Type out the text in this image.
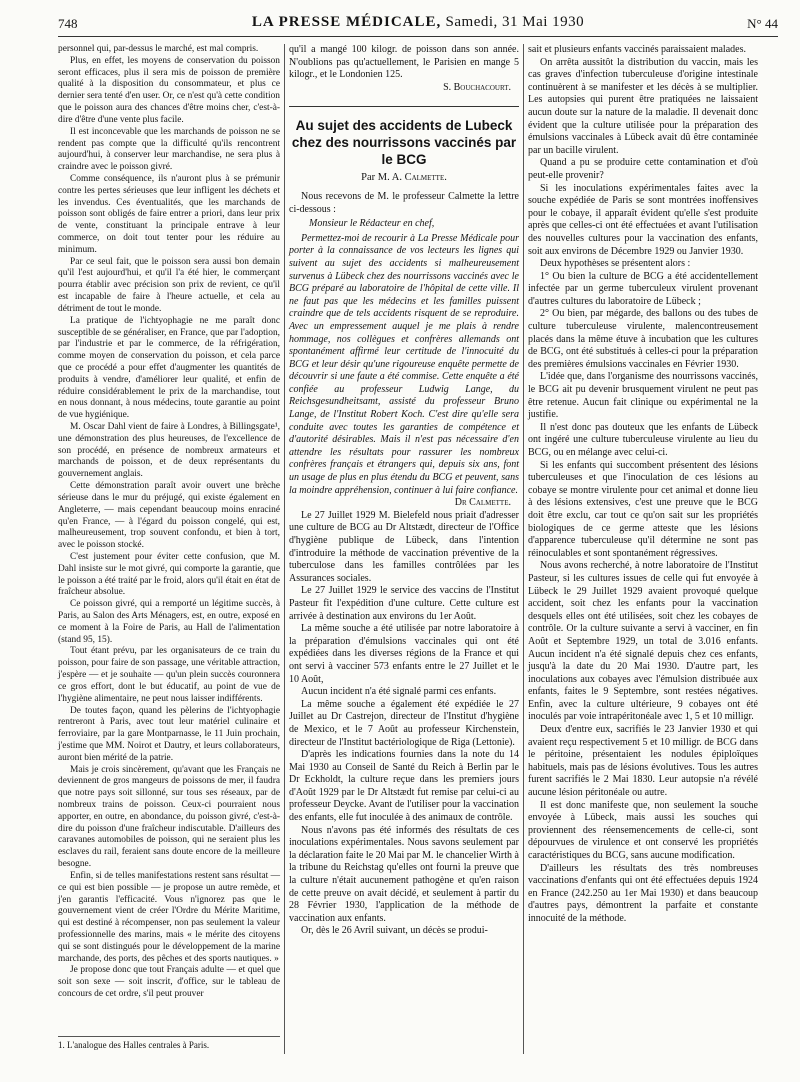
748	LA PRESSE MÉDICALE, Samedi, 31 Mai 1930	N° 44

personnel qui, par-dessus le marché, est mal compris.

Plus, en effet, les moyens de conservation du poisson seront efficaces, plus il sera mis de poisson de première qualité à la disposition du consommateur, et plus ce dernier sera tenté d'en user. Or, ce n'est qu'à cette condition que le poisson aura des chances d'être moins cher, c'est-à-dire d'être d'une vente plus facile.

Il est inconcevable que les marchands de poisson ne se rendent pas compte que la difficulté qu'ils rencontrent aujourd'hui, à conserver leur marchandise, ne sera plus à craindre avec le poisson givré.

Comme conséquence, ils n'auront plus à se prémunir contre les pertes sérieuses que leur infligent les déchets et les invendus. Ces éventualités, que les marchands de poisson sont obligés de faire entrer a priori, dans leur prix de vente, constituant la principale entrave à leur commerce, on doit tout tenter pour les réduire au minimum.

Par ce seul fait, que le poisson sera aussi bon demain qu'il l'est aujourd'hui, et qu'il l'a été hier, le commerçant pourra établir avec précision son prix de revient, ce qu'il est incapable de faire à l'heure actuelle, et cela au détriment de tout le monde.

La pratique de l'ichtyophagie ne me paraît donc susceptible de se généraliser, en France, que par l'adoption, par l'industrie et par le commerce, de la réfrigération, comme moyen de conservation du poisson, et cela parce que ce procédé a pour effet d'augmenter les quantités de produits à vendre, d'améliorer leur qualité, et enfin de réduire considérablement le prix de la marchandise, tout en nous donnant, à nous médecins, toute garantie au point de vue hygiénique.

M. Oscar Dahl vient de faire à Londres, à Billingsgate¹, une démonstration des plus heureuses, de l'excellence de son procédé, en présence de nombreux armateurs et marchands de poisson, et de deux représentants du gouvernement anglais.

Cette démonstration paraît avoir ouvert une brèche sérieuse dans le mur du préjugé, qui existe également en Angleterre, — mais cependant beaucoup moins enraciné qu'en France, — à l'égard du poisson congelé, qui est, malheureusement, trop souvent confondu, et bien à tort, avec le poisson stocké.

C'est justement pour éviter cette confusion, que M. Dahl insiste sur le mot givré, qui comporte la garantie, que le poisson a été traité par le froid, alors qu'il était en état de fraîcheur absolue.

Ce poisson givré, qui a remporté un légitime succès, à Paris, au Salon des Arts Ménagers, est, en outre, exposé en ce moment à la Foire de Paris, au Hall de l'alimentation (stand 95, 15).

Tout étant prévu, par les organisateurs de ce train du poisson, pour faire de son passage, une véritable attraction, j'espère — et je souhaite — qu'un plein succès couronnera ce gros effort, dont le but éducatif, au point de vue de l'hygiène alimentaire, ne peut nous laisser indifférents.

De toutes façon, quand les pèlerins de l'ichtyophagie rentreront à Paris, avec tout leur matériel culinaire et ferroviaire, par la gare Montparnasse, le 11 Juin prochain, j'estime que MM. Noirot et Dautry, et leurs collaborateurs, auront bien mérité de la patrie.

Mais je crois sincèrement, qu'avant que les Français ne deviennent de gros mangeurs de poissons de mer, il faudra que notre pays soit sillonné, sur tous ses réseaux, par de nombreux trains de poisson. Ceux-ci pourraient nous apporter, en outre, en abondance, du poisson givré, c'est-à-dire du poisson d'une fraîcheur indiscutable. D'ailleurs des caravanes automobiles de poisson, qui ne seraient plus les esclaves du rail, feraient sans doute encore de la meilleure besogne.

Enfin, si de telles manifestations restent sans résultat — ce qui est bien possible — je propose un autre remède, et j'en garantis l'efficacité. Vous n'ignorez pas que le gouvernement vient de créer l'Ordre du Mérite Maritime, qui est destiné à récompenser, non pas seulement la valeur professionnelle des marins, mais « le mérite des citoyens qui se sont distingués pour le développement de la marine marchande, des ports, des pêches et des sports nautiques. »

Je propose donc que tout Français adulte — et quel que soit son sexe — soit inscrit, d'office, sur le tableau de concours de cet ordre, s'il peut prouver

1. L'analogue des Halles centrales à Paris.

qu'il a mangé 100 kilogr. de poisson dans son année. N'oublions pas qu'actuellement, le Parisien en mange 5 kilogr., et le Londonien 125.

S. Bouchacourt.

Au sujet des accidents de Lubeck
chez des nourrissons vaccinés par le BCG
Par M. A. Calmette.

Nous recevons de M. le professeur Calmette la lettre ci-dessous :

Monsieur le Rédacteur en chef,

Permettez-moi de recourir à La Presse Médicale pour porter à la connaissance de vos lecteurs les lignes qui suivent au sujet des accidents si malheureusement survenus à Lübeck chez des nourrissons vaccinés avec le BCG préparé au laboratoire de l'hôpital de cette ville. Il ne faut pas que les médecins et les familles puissent craindre que de tels accidents risquent de se reproduire. Avec un empressement auquel je me plais à rendre hommage, nos collègues et confrères allemands ont spontanément affirmé leur certitude de l'innocuité du BCG et leur désir qu'une rigoureuse enquête permette de découvrir si une faute a été commise. Cette enquête a été confiée au professeur Ludwig Lange, du Reichsgesundheitsamt, assisté du professeur Bruno Lange, de l'Institut Robert Koch. C'est dire qu'elle sera conduite avec toutes les garanties de compétence et d'autorité désirables. Mais il n'est pas nécessaire d'en attendre les résultats pour rassurer les nombreux confrères français et étrangers qui, depuis six ans, font un usage de plus en plus étendu du BCG et peuvent, sans la moindre appréhension, continuer à lui faire confiance.

Dr Calmette.

Le 27 Juillet 1929 M. Bielefeld nous priait d'adresser une culture de BCG au Dr Altstædt, directeur de l'Office d'hygiène publique de Lübeck, dans l'intention d'introduire la méthode de vaccination préventive de la tuberculose dans les familles contrôlées par les Assurances sociales.

Le 27 Juillet 1929 le service des vaccins de l'Institut Pasteur fit l'expédition d'une culture. Cette culture est arrivée à destination aux environs du 1er Août.

La même souche a été utilisée par notre laboratoire à la préparation d'émulsions vaccinales qui ont été expédiées dans les diverses régions de la France et qui ont servi à vacciner 573 enfants entre le 27 Juillet et le 10 Août,

Aucun incident n'a été signalé parmi ces enfants.

La même souche a également été expédiée le 27 Juillet au Dr Castrejon, directeur de l'Institut d'hygiène de Mexico, et le 7 Août au professeur Kirchenstein, directeur de l'Institut bactériologique de Riga (Lettonie).

D'après les indications fournies dans la note du 14 Mai 1930 au Conseil de Santé du Reich à Berlin par le Dr Eckholdt, la culture reçue dans les premiers jours d'Août 1929 par le Dr Altstædt fut remise par celui-ci au professeur Deycke. Avant de l'utiliser pour la vaccination des enfants, elle fut inoculée à des animaux de contrôle.

Nous n'avons pas été informés des résultats de ces inoculations expérimentales. Nous savons seulement par la déclaration faite le 20 Mai par M. le chancelier Wirth à la tribune du Reichstag qu'elles ont fourni la preuve que la culture n'était aucunement pathogène et qu'en raison de cette preuve on avait décidé, et seulement à partir du 28 Février 1930, l'application de la méthode de vaccination aux enfants.

Or, dès le 26 Avril suivant, un décès se produi-

sait et plusieurs enfants vaccinés paraissaient malades.

On arrêta aussitôt la distribution du vaccin, mais les cas graves d'infection tuberculeuse d'origine intestinale continuèrent à se manifester et les décès à se multiplier. Les autopsies qui purent être pratiquées ne laissaient aucun doute sur la nature de la maladie. Il devenait donc évident que la culture utilisée pour la préparation des émulsions vaccinales à Lübeck avait dû être contaminée par un bacille virulent.

Quand a pu se produire cette contamination et d'où peut-elle provenir?

Si les inoculations expérimentales faites avec la souche expédiée de Paris se sont montrées inoffensives pour le cobaye, il apparaît évident qu'elle s'est produite après que celles-ci ont été effectuées et avant l'utilisation des nouvelles cultures pour la vaccination des enfants, soit aux environs de Décembre 1929 ou Janvier 1930.

Deux hypothèses se présentent alors :

1° Ou bien la culture de BCG a été accidentellement infectée par un germe tuberculeux virulent provenant d'autres cultures du laboratoire de Lübeck ;

2° Ou bien, par mégarde, des ballons ou des tubes de culture tuberculeuse virulente, malencontreusement placés dans la même étuve à incubation que les cultures de BCG, ont été substitués à celles-ci pour la préparation des premières émulsions vaccinales en Février 1930.

L'idée que, dans l'organisme des nourrissons vaccinés, le BCG ait pu devenir brusquement virulent ne peut pas être retenue. Aucun fait clinique ou expérimental ne la justifie.

Il n'est donc pas douteux que les enfants de Lübeck ont ingéré une culture tuberculeuse virulente au lieu du BCG, ou en mélange avec celui-ci.

Si les enfants qui succombent présentent des lésions tuberculeuses et que l'inoculation de ces lésions au cobaye se montre virulente pour cet animal et donne lieu à des lésions extensives, c'est une preuve que le BCG doit être exclu, car tout ce qu'on sait sur les propriétés biologiques de ce germe atteste que les lésions d'apparence tuberculeuse qu'il détermine ne sont pas réinoculables et sont spontanément régressives.

Nous avons recherché, à notre laboratoire de l'Institut Pasteur, si les cultures issues de celle qui fut envoyée à Lübeck le 29 Juillet 1929 avaient provoqué quelque accident, soit chez les enfants pour la vaccination desquels elles ont été utilisées, soit chez les cobayes de contrôle. Or la culture suivante a servi à vacciner, en fin Août et Septembre 1929, un total de 3.016 enfants. Aucun incident n'a été signalé depuis chez ces enfants, jusqu'à la date du 20 Mai 1930. D'autre part, les inoculations aux cobayes avec l'émulsion distribuée aux enfants, faites le 9 Septembre, sont restées négatives. Enfin, avec la culture ultérieure, 9 cobayes ont été inoculés par voie intrapéritonéale avec 1, 5 et 10 milligr.

Deux d'entre eux, sacrifiés le 23 Janvier 1930 et qui avaient reçu respectivement 5 et 10 milligr. de BCG dans le péritoine, présentaient les nodules épiploïques habituels, mais pas de lésions évolutives. Tous les autres furent sacrifiés le 2 Mai 1830. Leur autopsie n'a révélé aucune lésion péritonéale ou autre.

Il est donc manifeste que, non seulement la souche envoyée à Lübeck, mais aussi les souches qui proviennent des réensemencements de celle-ci, sont dépourvues de virulence et ont conservé les propriétés caractéristiques du BCG, sans aucune modification.

D'ailleurs les résultats des très nombreuses vaccinations d'enfants qui ont été effectuées depuis 1924 en France (242.250 au 1er Mai 1930) et dans beaucoup d'autres pays, démontrent la parfaite et constante innocuité de la méthode.
